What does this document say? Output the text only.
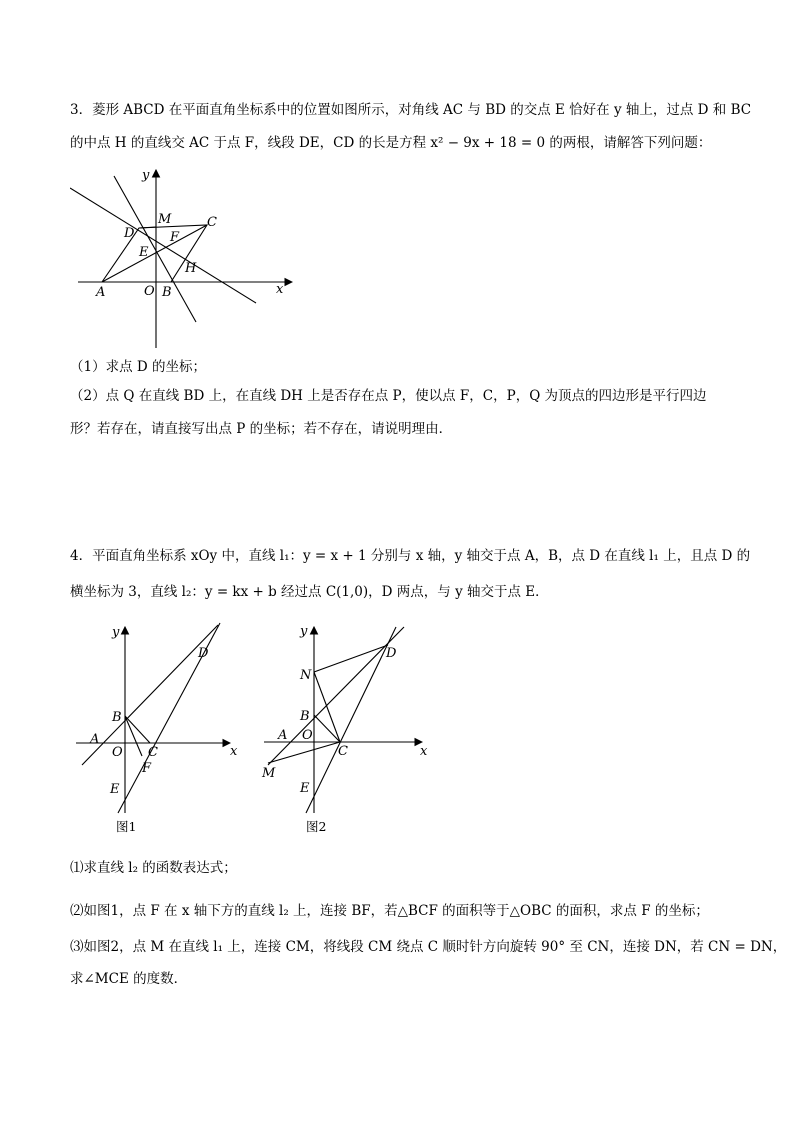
3．菱形 ABCD 在平面直角坐标系中的位置如图所示，对角线 AC 与 BD 的交点 E 恰好在 y 轴上，过点 D 和 BC
的中点 H 的直线交 AC 于点 F，线段 DE，CD 的长是方程 x² − 9x + 18 = 0 的两根，请解答下列问题：
y
x
M	C
D	F
E
H
A	O B
（1）求点 D 的坐标；
（2）点 Q 在直线 BD 上，在直线 DH 上是否存在点 P，使以点 F，C，P，Q 为顶点的四边形是平行四边
形？若存在，请直接写出点 P 的坐标；若不存在，请说明理由．
4．平面直角坐标系 xOy 中，直线 l₁：y = x + 1 分别与 x 轴，y 轴交于点 A，B，点 D 在直线 l₁ 上，且点 D 的
横坐标为 3，直线 l₂：y = kx + b 经过点 C(1,0)，D 两点，与 y 轴交于点 E．
y
x
D
B
A
O C
F
E
图1
y
x
D
N
B
A O
C
M
E
图2
⑴求直线 l₂ 的函数表达式；
⑵如图1，点 F 在 x 轴下方的直线 l₂ 上，连接 BF，若△BCF 的面积等于△OBC 的面积，求点 F 的坐标；
⑶如图2，点 M 在直线 l₁ 上，连接 CM，将线段 CM 绕点 C 顺时针方向旋转 90° 至 CN，连接 DN，若 CN = DN，
求∠MCE 的度数．
